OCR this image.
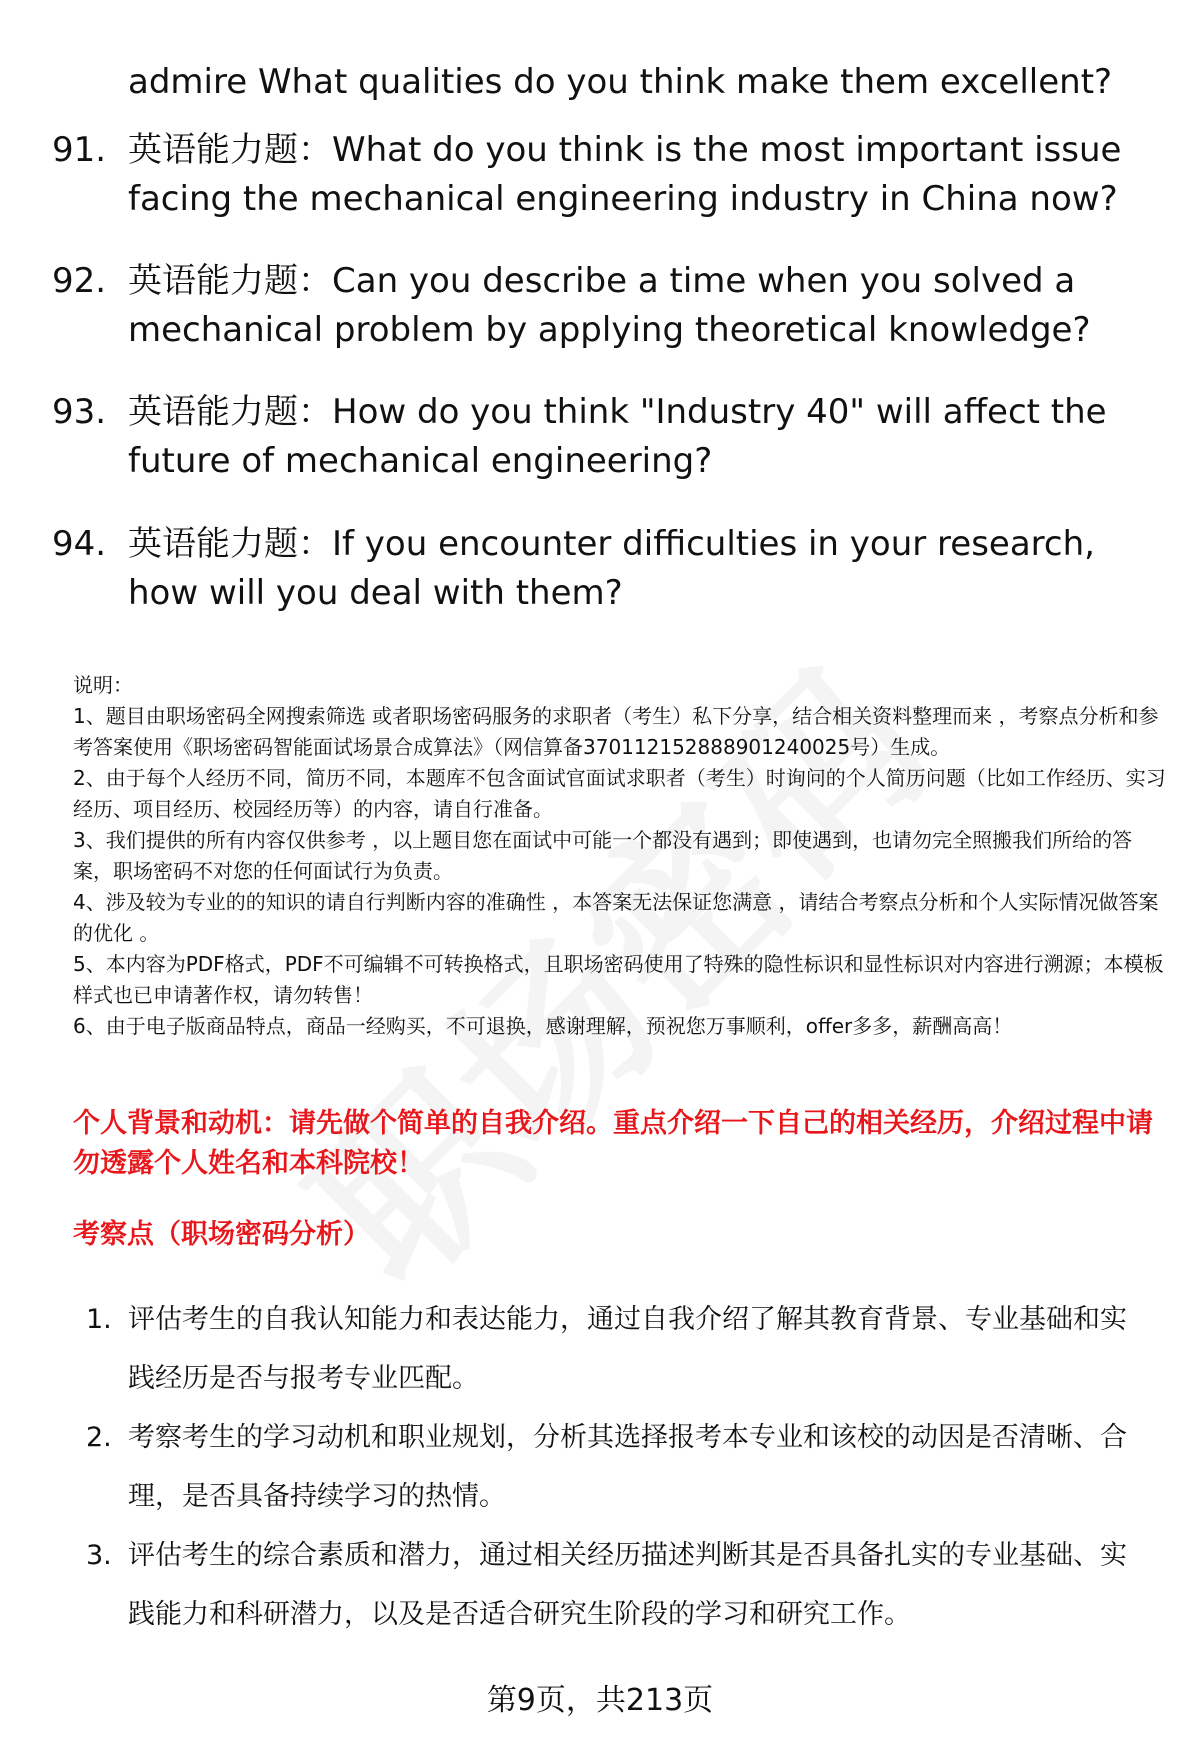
admire What qualities do you think make them excellent?
91. 英语能力题：What do you think is the most important issue facing the mechanical engineering industry in China now?
92. 英语能力题：Can you describe a time when you solved a mechanical problem by applying theoretical knowledge?
93. 英语能力题：How do you think "Industry 40" will affect the future of mechanical engineering?
94. 英语能力题：If you encounter difficulties in your research, how will you deal with them?
说明：
1、题目由职场密码全网搜索筛选 或者职场密码服务的求职者（考生）私下分享，结合相关资料整理而来 ，考察点分析和参考答案使用《职场密码智能面试场景合成算法》（网信算备370112152888901240025号）生成。
2、由于每个人经历不同，简历不同，本题库不包含面试官面试求职者（考生）时询问的个人简历问题（比如工作经历、实习经历、项目经历、校园经历等）的内容，请自行准备。
3、我们提供的所有内容仅供参考 ，以上题目您在面试中可能一个都没有遇到；即使遇到，也请勿完全照搬我们所给的答案，职场密码不对您的任何面试行为负责。
4、涉及较为专业的的知识的请自行判断内容的准确性 ，本答案无法保证您满意 ，请结合考察点分析和个人实际情况做答案的优化 。
5、本内容为PDF格式，PDF不可编辑不可转换格式，且职场密码使用了特殊的隐性标识和显性标识对内容进行溯源；本模板样式也已申请著作权，请勿转售！
6、由于电子版商品特点，商品一经购买，不可退换，感谢理解，预祝您万事顺利，offer多多，薪酬高高！
个人背景和动机：请先做个简单的自我介绍。重点介绍一下自己的相关经历，介绍过程中请勿透露个人姓名和本科院校！
考察点（职场密码分析）
1. 评估考生的自我认知能力和表达能力，通过自我介绍了解其教育背景、专业基础和实践经历是否与报考专业匹配。
2. 考察考生的学习动机和职业规划，分析其选择报考本专业和该校的动因是否清晰、合理，是否具备持续学习的热情。
3. 评估考生的综合素质和潜力，通过相关经历描述判断其是否具备扎实的专业基础、实践能力和科研潜力，以及是否适合研究生阶段的学习和研究工作。
第9页，共213页
